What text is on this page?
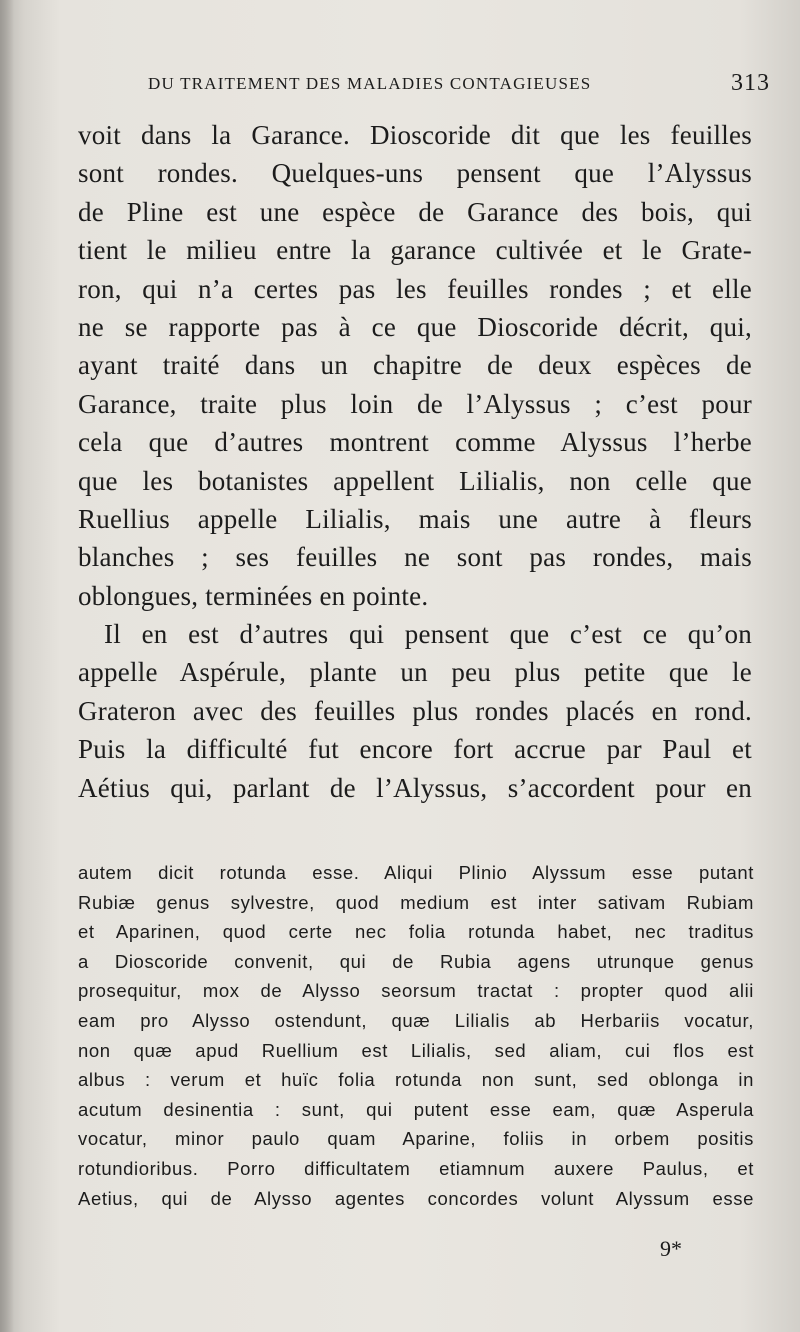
DU TRAITEMENT DES MALADIES CONTAGIEUSES	313
voit dans la Garance. Dioscoride dit que les feuilles
sont rondes. Quelques-uns pensent que l’Alyssus
de Pline est une espèce de Garance des bois, qui
tient le milieu entre la garance cultivée et le Grate-
ron, qui n’a certes pas les feuilles rondes ; et elle
ne se rapporte pas à ce que Dioscoride décrit, qui,
ayant traité dans un chapitre de deux espèces de
Garance, traite plus loin de l’Alyssus ; c’est pour
cela que d’autres montrent comme Alyssus l’herbe
que les botanistes appellent Lilialis, non celle que
Ruellius appelle Lilialis, mais une autre à fleurs
blanches ; ses feuilles ne sont pas rondes, mais
oblongues, terminées en pointe.
Il en est d’autres qui pensent que c’est ce qu’on
appelle Aspérule, plante un peu plus petite que le
Grateron avec des feuilles plus rondes placés en rond.
Puis la difficulté fut encore fort accrue par Paul et
Aétius qui, parlant de l’Alyssus, s’accordent pour en
autem dicit rotunda esse. Aliqui Plinio Alyssum esse putant
Rubiæ genus sylvestre, quod medium est inter sativam Rubiam
et Aparinen, quod certe nec folia rotunda habet, nec traditus
a Dioscoride convenit, qui de Rubia agens utrunque genus
prosequitur, mox de Alysso seorsum tractat : propter quod alii
eam pro Alysso ostendunt, quæ Lilialis ab Herbariis vocatur,
non quæ apud Ruellium est Lilialis, sed aliam, cui flos est
albus : verum et huïc folia rotunda non sunt, sed oblonga in
acutum desinentia : sunt, qui putent esse eam, quæ Asperula
vocatur, minor paulo quam Aparine, foliis in orbem positis
rotundioribus. Porro difficultatem etiamnum auxere Paulus, et
Aetius, qui de Alysso agentes concordes volunt Alyssum esse
9*
